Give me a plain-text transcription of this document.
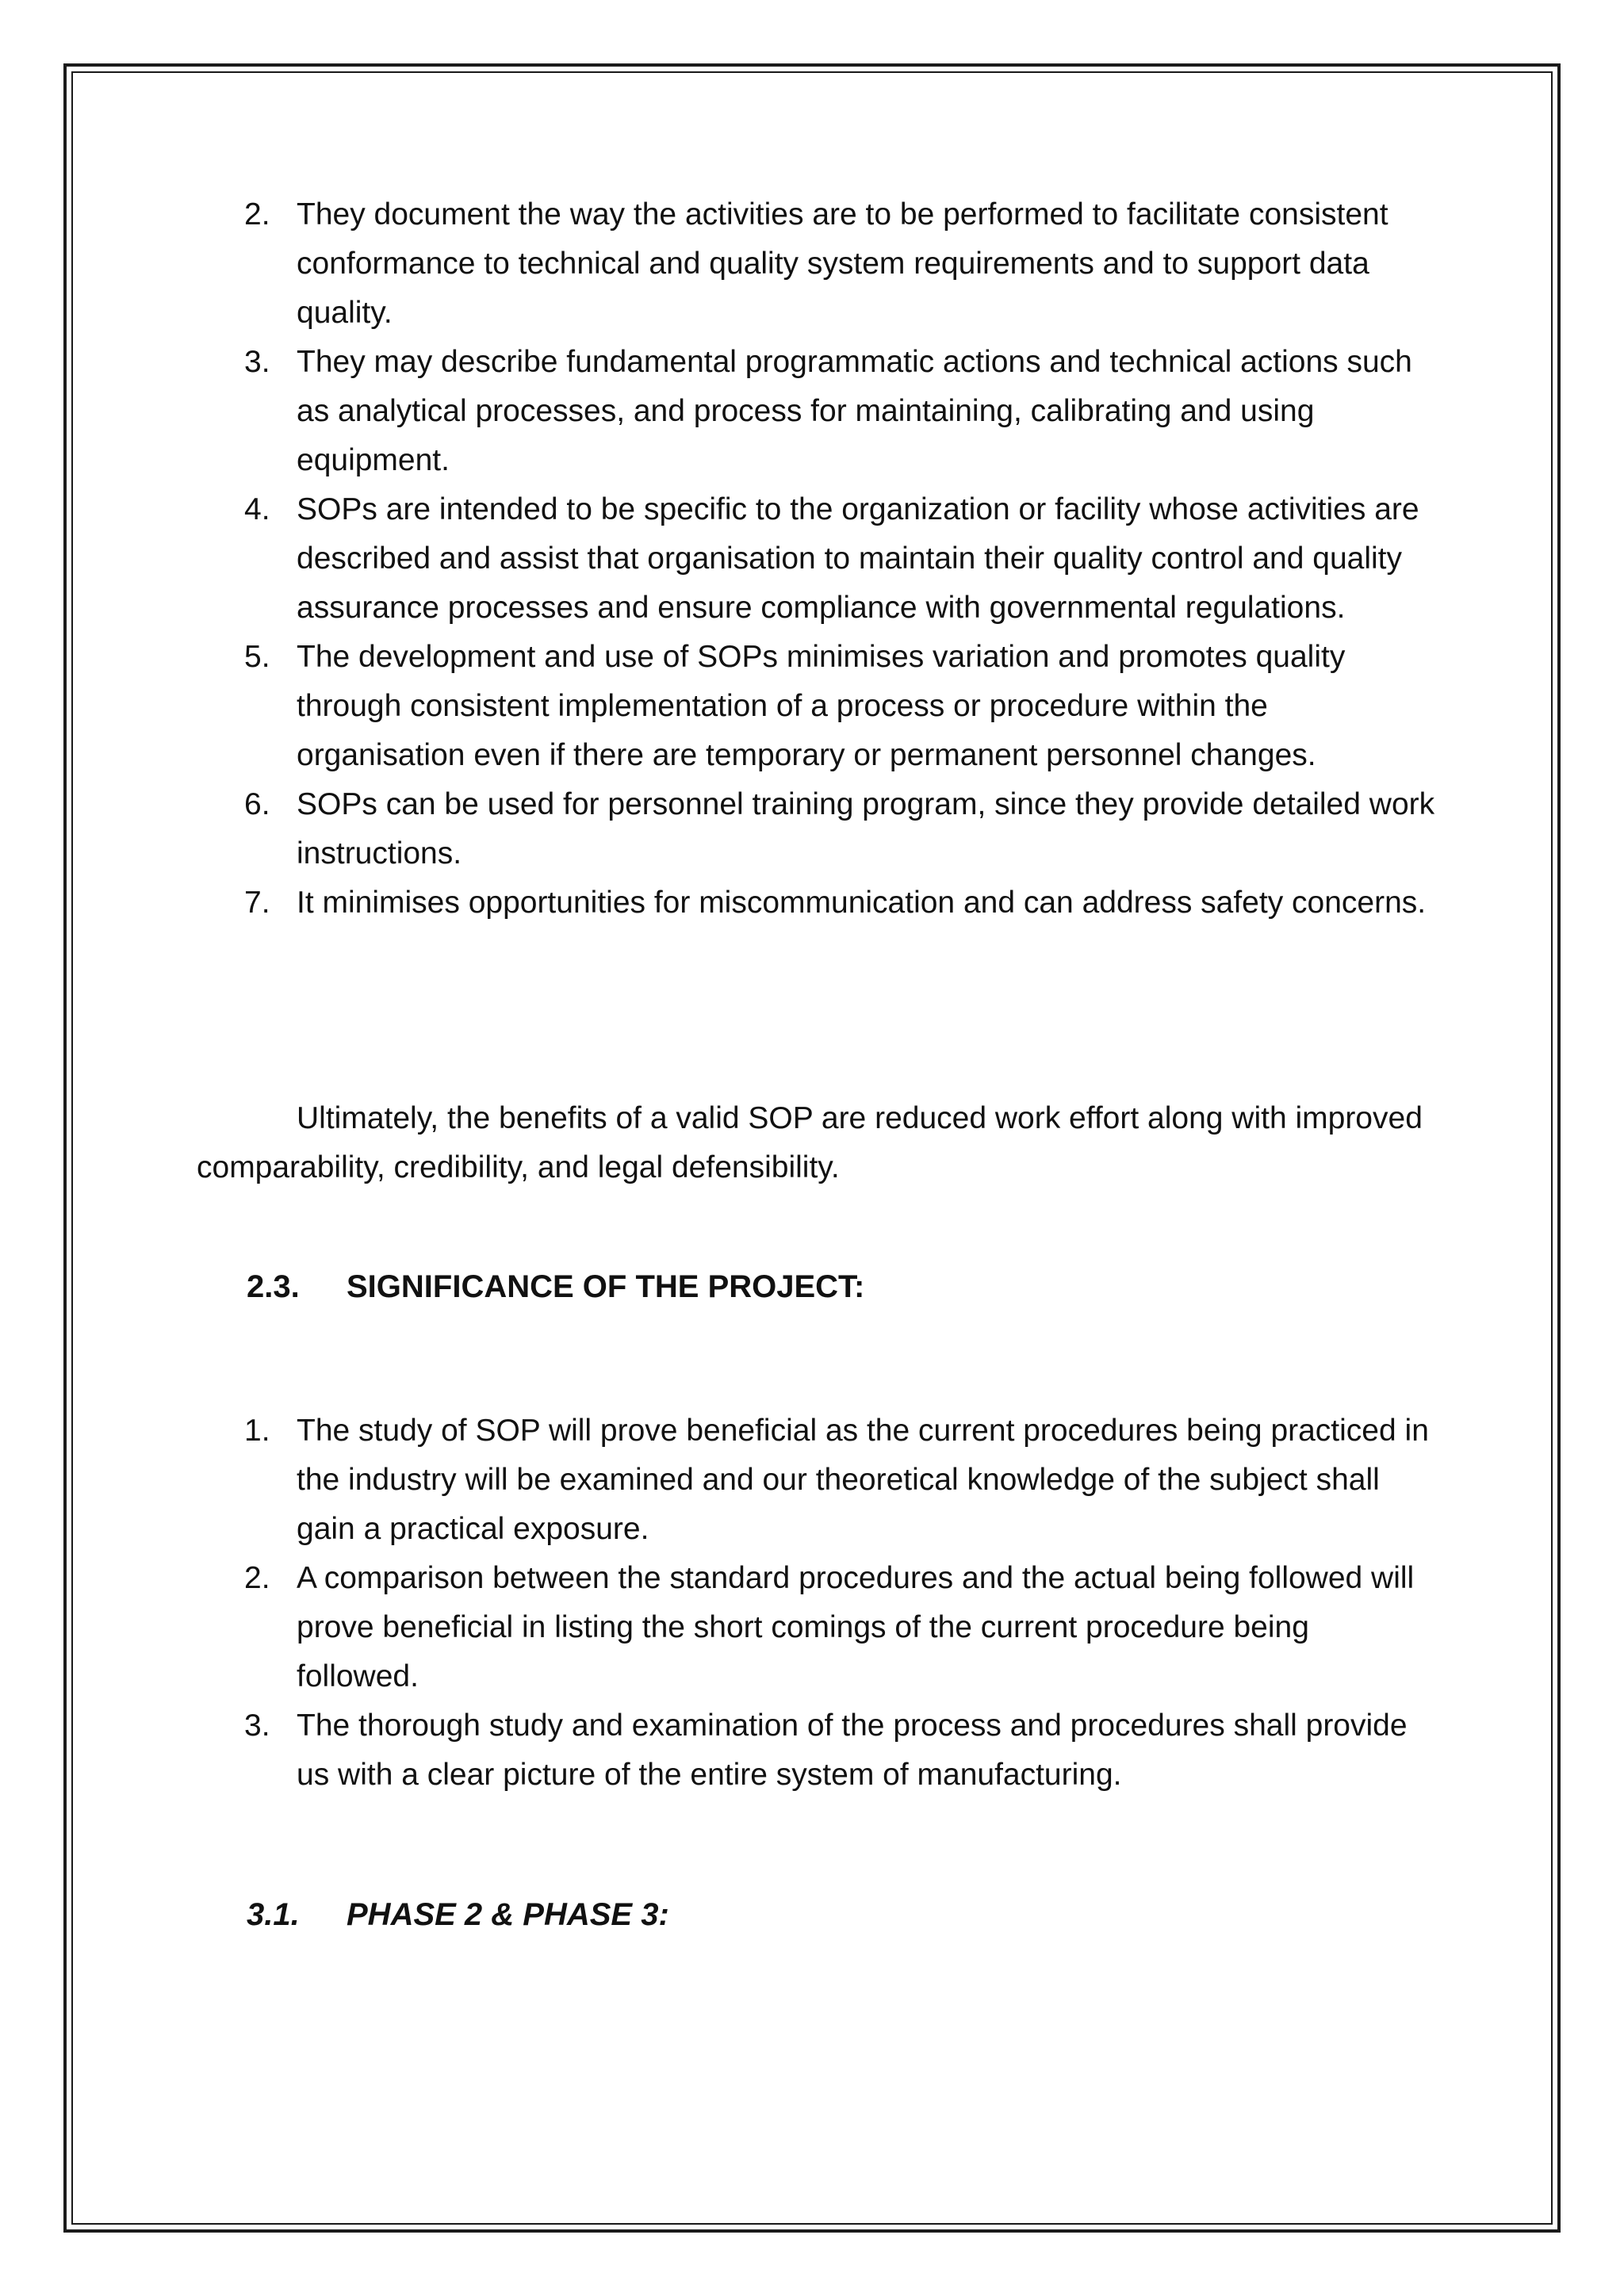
2. They document the way the activities are to be performed to facilitate consistent conformance to technical and quality system requirements and to support data quality.
3. They may describe fundamental programmatic actions and technical actions such as analytical processes, and process for maintaining, calibrating and using equipment.
4. SOPs are intended to be specific to the organization or facility whose activities are described and assist that organisation to maintain their quality control and quality assurance processes and ensure compliance with governmental regulations.
5. The development and use of SOPs minimises variation and promotes quality through consistent implementation of a process or procedure within the organisation even if there are temporary or permanent personnel changes.
6. SOPs can be used for personnel training program, since they provide detailed work instructions.
7. It minimises opportunities for miscommunication and can address safety concerns.

Ultimately, the benefits of a valid SOP are reduced work effort along with improved comparability, credibility, and legal defensibility.

2.3. SIGNIFICANCE OF THE PROJECT:
1. The study of SOP will prove beneficial as the current procedures being practiced in the industry will be examined and our theoretical knowledge of the subject shall gain a practical exposure.
2. A comparison between the standard procedures and the actual being followed will prove beneficial in listing the short comings of the current procedure being followed.
3. The thorough study and examination of the process and procedures shall provide us with a clear picture of the entire system of manufacturing.
3.1. PHASE 2 & PHASE 3:
